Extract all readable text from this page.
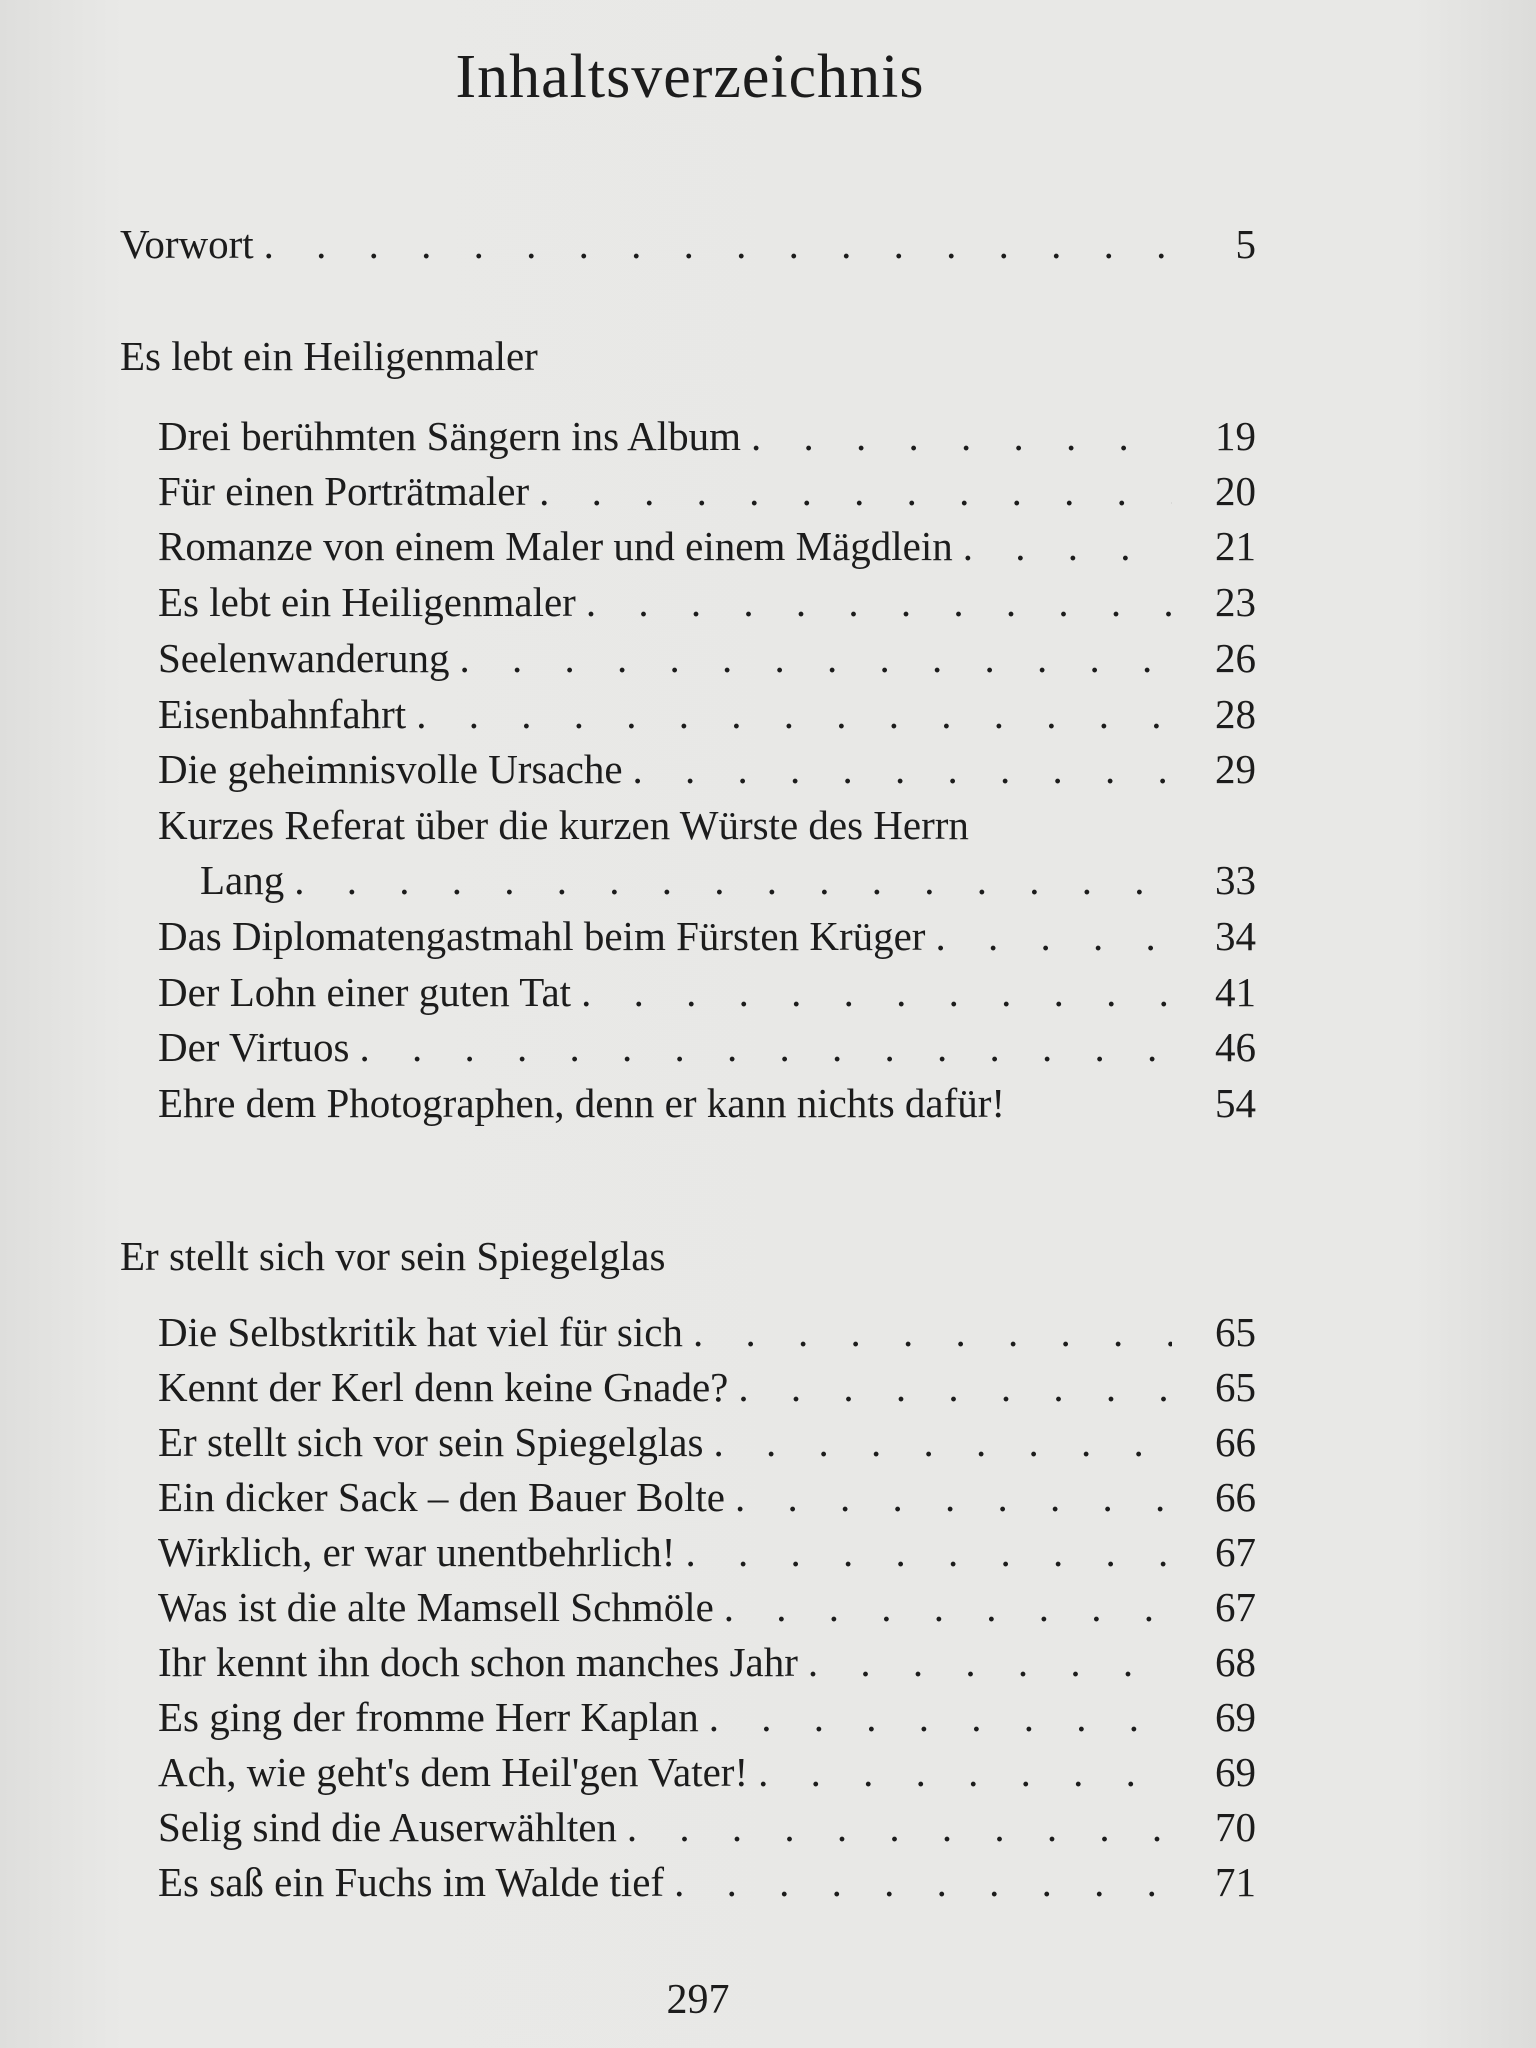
Inhaltsverzeichnis
Vorwort . . .	5
Es lebt ein Heiligenmaler
Drei berühmten Sängern ins Album . . .	19
Für einen Porträtmaler . . .	20
Romanze von einem Maler und einem Mägdlein . . .	21
Es lebt ein Heiligenmaler . . .	23
Seelenwanderung . . .	26
Eisenbahnfahrt . . .	28
Die geheimnisvolle Ursache . . .	29
Kurzes Referat über die kurzen Würste des Herrn
Lang . . .	33
Das Diplomatengastmahl beim Fürsten Krüger . . .	34
Der Lohn einer guten Tat . . .	41
Der Virtuos . . .	46
Ehre dem Photographen, denn er kann nichts dafür!	54
Er stellt sich vor sein Spiegelglas
Die Selbstkritik hat viel für sich . . .	65
Kennt der Kerl denn keine Gnade? . . .	65
Er stellt sich vor sein Spiegelglas . . .	66
Ein dicker Sack – den Bauer Bolte . . .	66
Wirklich, er war unentbehrlich! . . .	67
Was ist die alte Mamsell Schmöle . . .	67
Ihr kennt ihn doch schon manches Jahr . . .	68
Es ging der fromme Herr Kaplan . . .	69
Ach, wie geht's dem Heil'gen Vater! . . .	69
Selig sind die Auserwählten . . .	70
Es saß ein Fuchs im Walde tief . . .	71
297
